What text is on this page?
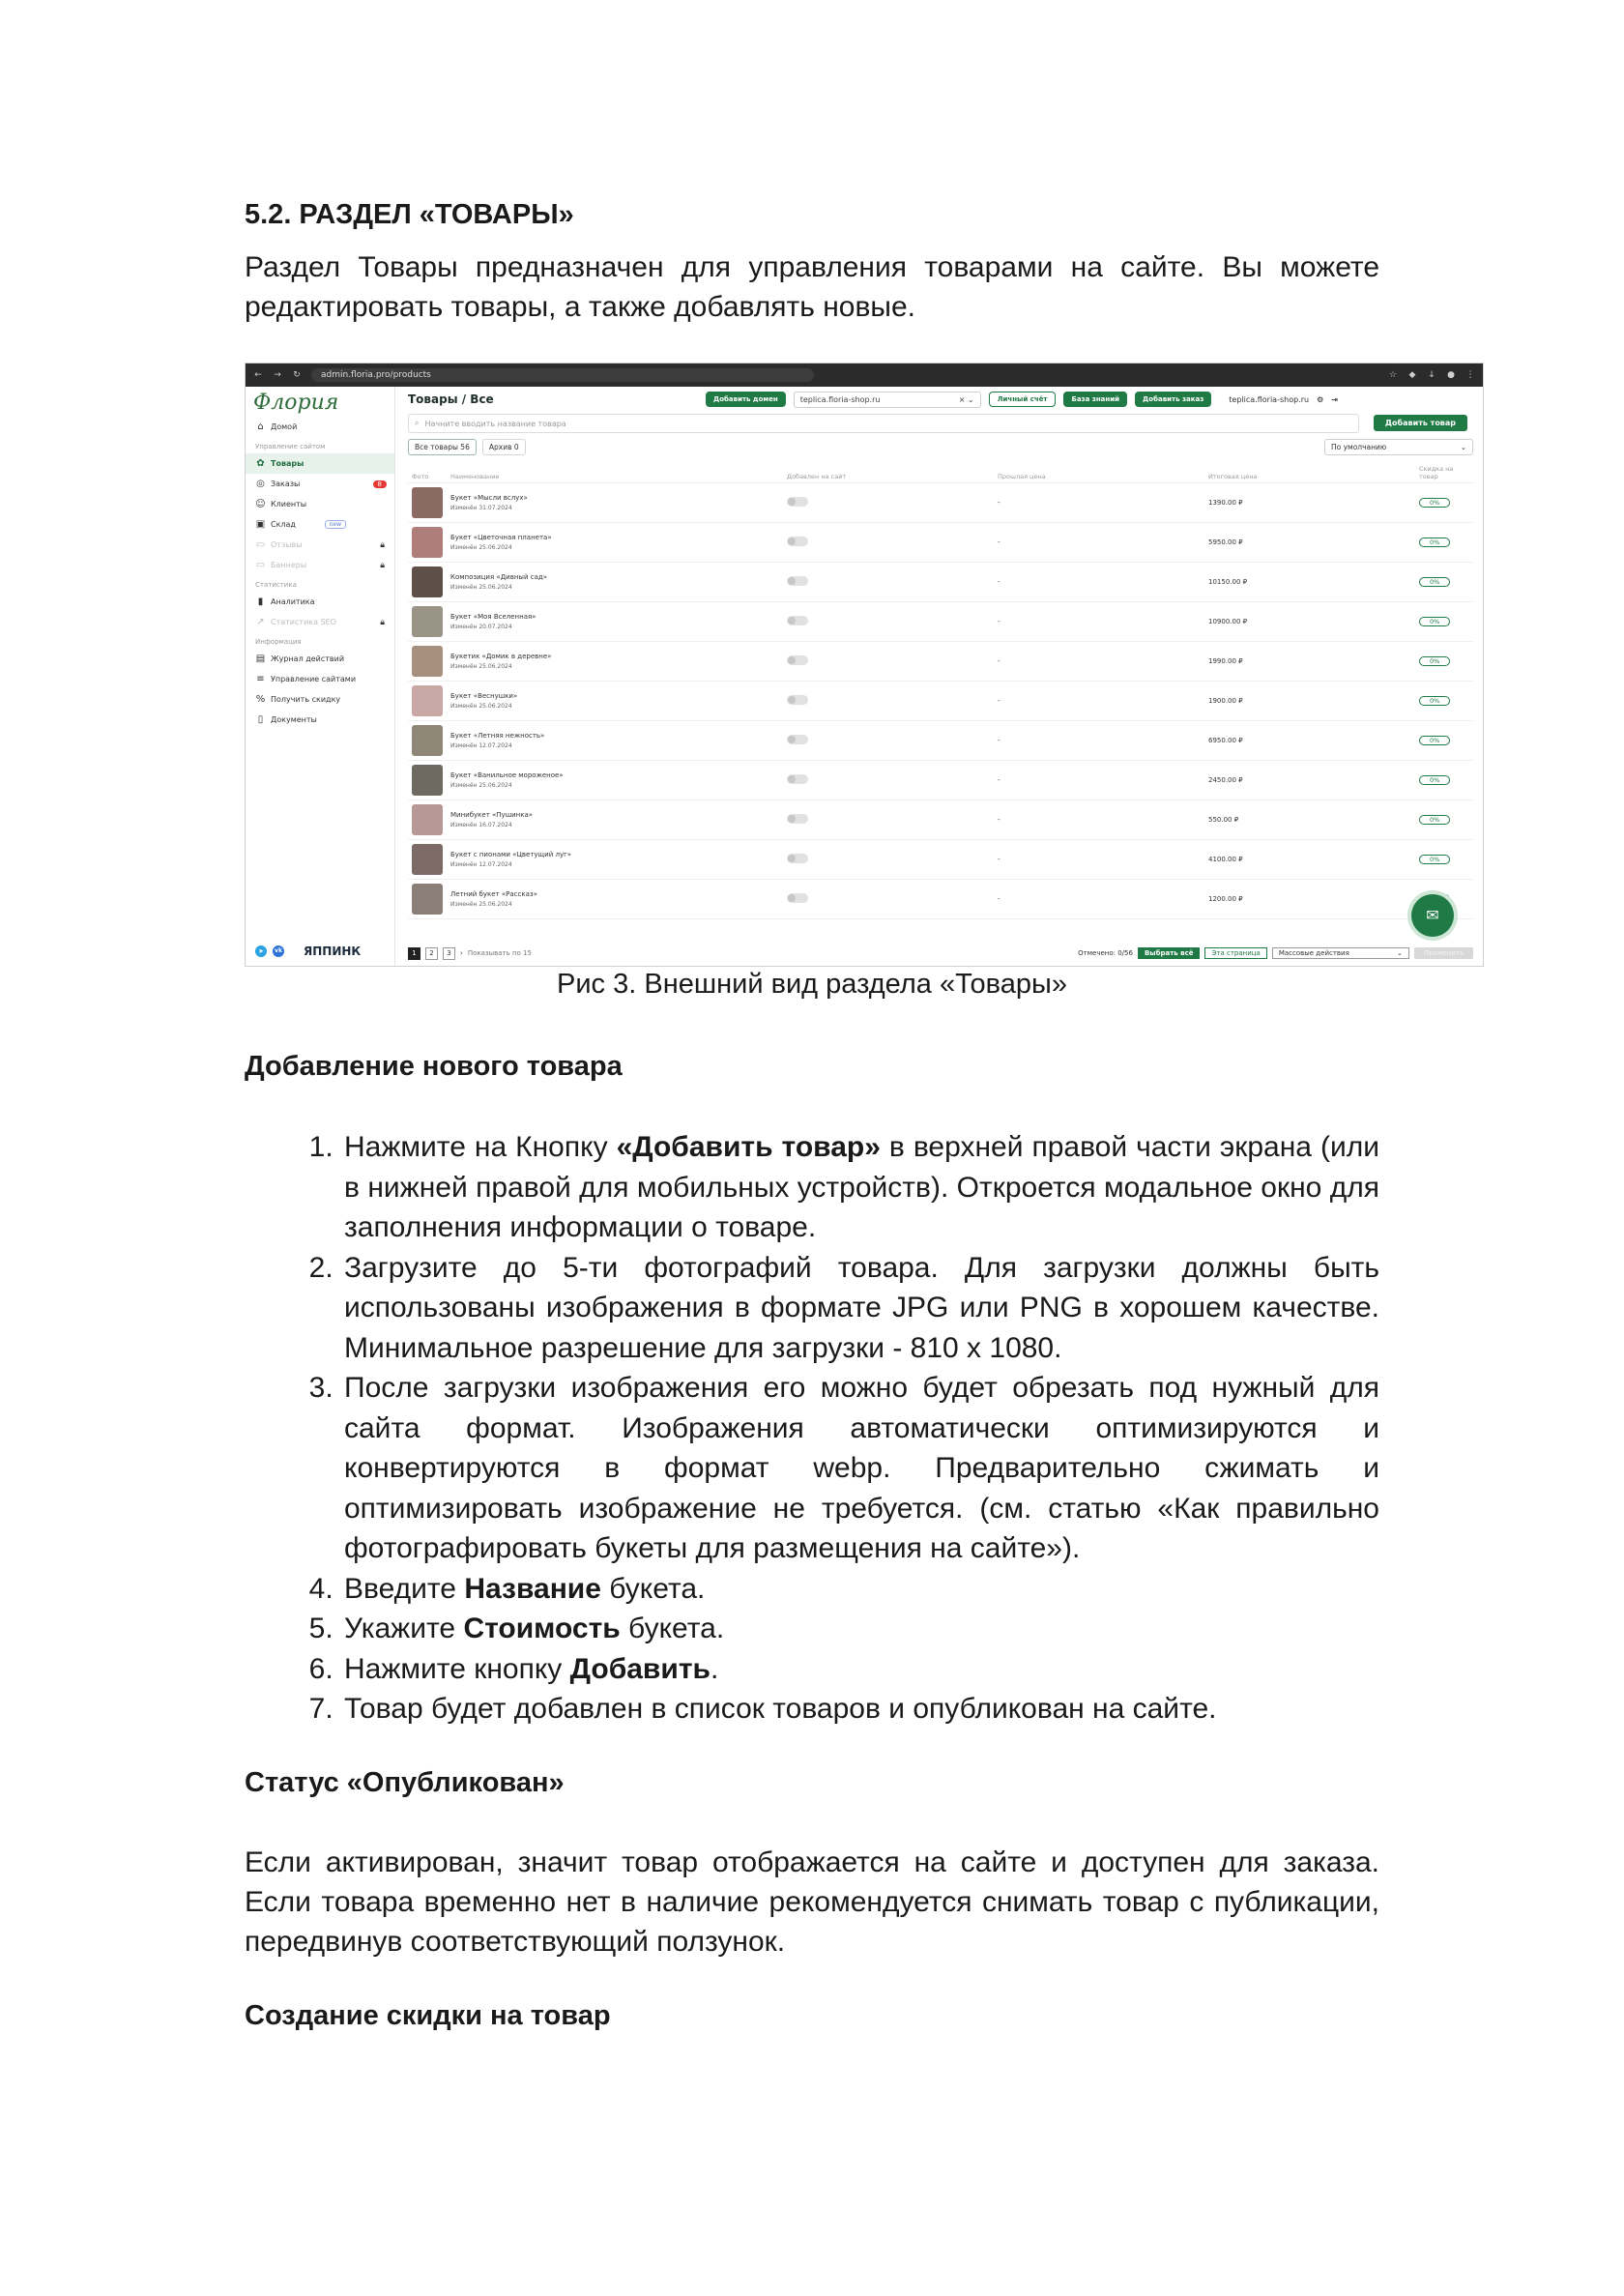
5.2. РАЗДЕЛ «ТОВАРЫ»

Раздел Товары предназначен для управления товарами на сайте. Вы можете редактировать товары, а также добавлять новые.

← → ↻	admin.floria.pro/products	☆ ◆ ↓ ● ⋮
Флория
⌂ Домой
Управление сайтом
✿ Товары
◎ Заказы	8
☺ Клиенты
▣ Склад	new
▭ Отзывы	🔒︎
▭ Баннеры	🔒︎
Статистика
▮ Аналитика
↗ Статистика SEO	🔒︎
Информация
▤ Журнал действий
≡ Управление сайтами
% Получить скидку
▯ Документы
➤	vk ЯППИНК
Товары / Все	Добавить домен	teplica.floria-shop.ru	× ⌄	Личный счёт	База знаний	Добавить заказ	teplica.floria-shop.ru ⚙ ⇥
⌕ Начните вводить название товара	Добавить товар
Все товары 56	Архив 0	По умолчанию	⌄
Фото	Наименование	Добавлен на сайт	Прошлая цена	Итоговая цена	Скидка на товар

	Букет «Мысли вслух»
Изменён 31.07.2024		-	1390.00 ₽	0%

	Букет «Цветочная планета»
Изменён 25.06.2024		-	5950.00 ₽	0%

	Композиция «Дивный сад»
Изменён 25.06.2024		-	10150.00 ₽	0%

	Букет «Моя Вселенная»
Изменён 20.07.2024		-	10900.00 ₽	0%

	Букетик «Домик в деревне»
Изменён 25.06.2024		-	1990.00 ₽	0%

	Букет «Веснушки»
Изменён 25.06.2024		-	1900.00 ₽	0%

	Букет «Летняя нежность»
Изменён 12.07.2024		-	6950.00 ₽	0%

	Букет «Ванильное мороженое»
Изменён 25.06.2024		-	2450.00 ₽	0%

	Минибукет «Пушинка»
Изменён 16.07.2024		-	550.00 ₽	0%

	Букет с пионами «Цветущий луг»
Изменён 12.07.2024		-	4100.00 ₽	0%

	Летний букет «Рассказ»
Изменён 25.06.2024		-	1200.00 ₽	
1	2	3	› Показывать по 15	Отмечено: 0/56	Выбрать всё	Эта страница	Массовые действия	⌄	Применить
✉
Рис 3. Внешний вид раздела «Товары»
Добавление нового товара
1. Нажмите на Кнопку «Добавить товар» в верхней правой части экрана (или в нижней правой для мобильных устройств). Откроется модальное окно для заполнения информации о товаре.
2. Загрузите до 5-ти фотографий товара. Для загрузки должны быть использованы изображения в формате JPG или PNG в хорошем качестве. Минимальное разрешение для загрузки - 810 х 1080.
3. После загрузки изображения его можно будет обрезать под нужный для сайта формат. Изображения автоматически оптимизируются и конвертируются в формат webp. Предварительно сжимать и оптимизировать изображение не требуется. (см. статью «Как правильно фотографировать букеты для размещения на сайте»).
4. Введите Название букета.
5. Укажите Стоимость букета.
6. Нажмите кнопку Добавить.
7. Товар будет добавлен в список товаров и опубликован на сайте.
Статус «Опубликован»

Если активирован, значит товар отображается на сайте и доступен для заказа. Если товара временно нет в наличие рекомендуется снимать товар с публикации, передвинув соответствующий ползунок.

Создание скидки на товар
